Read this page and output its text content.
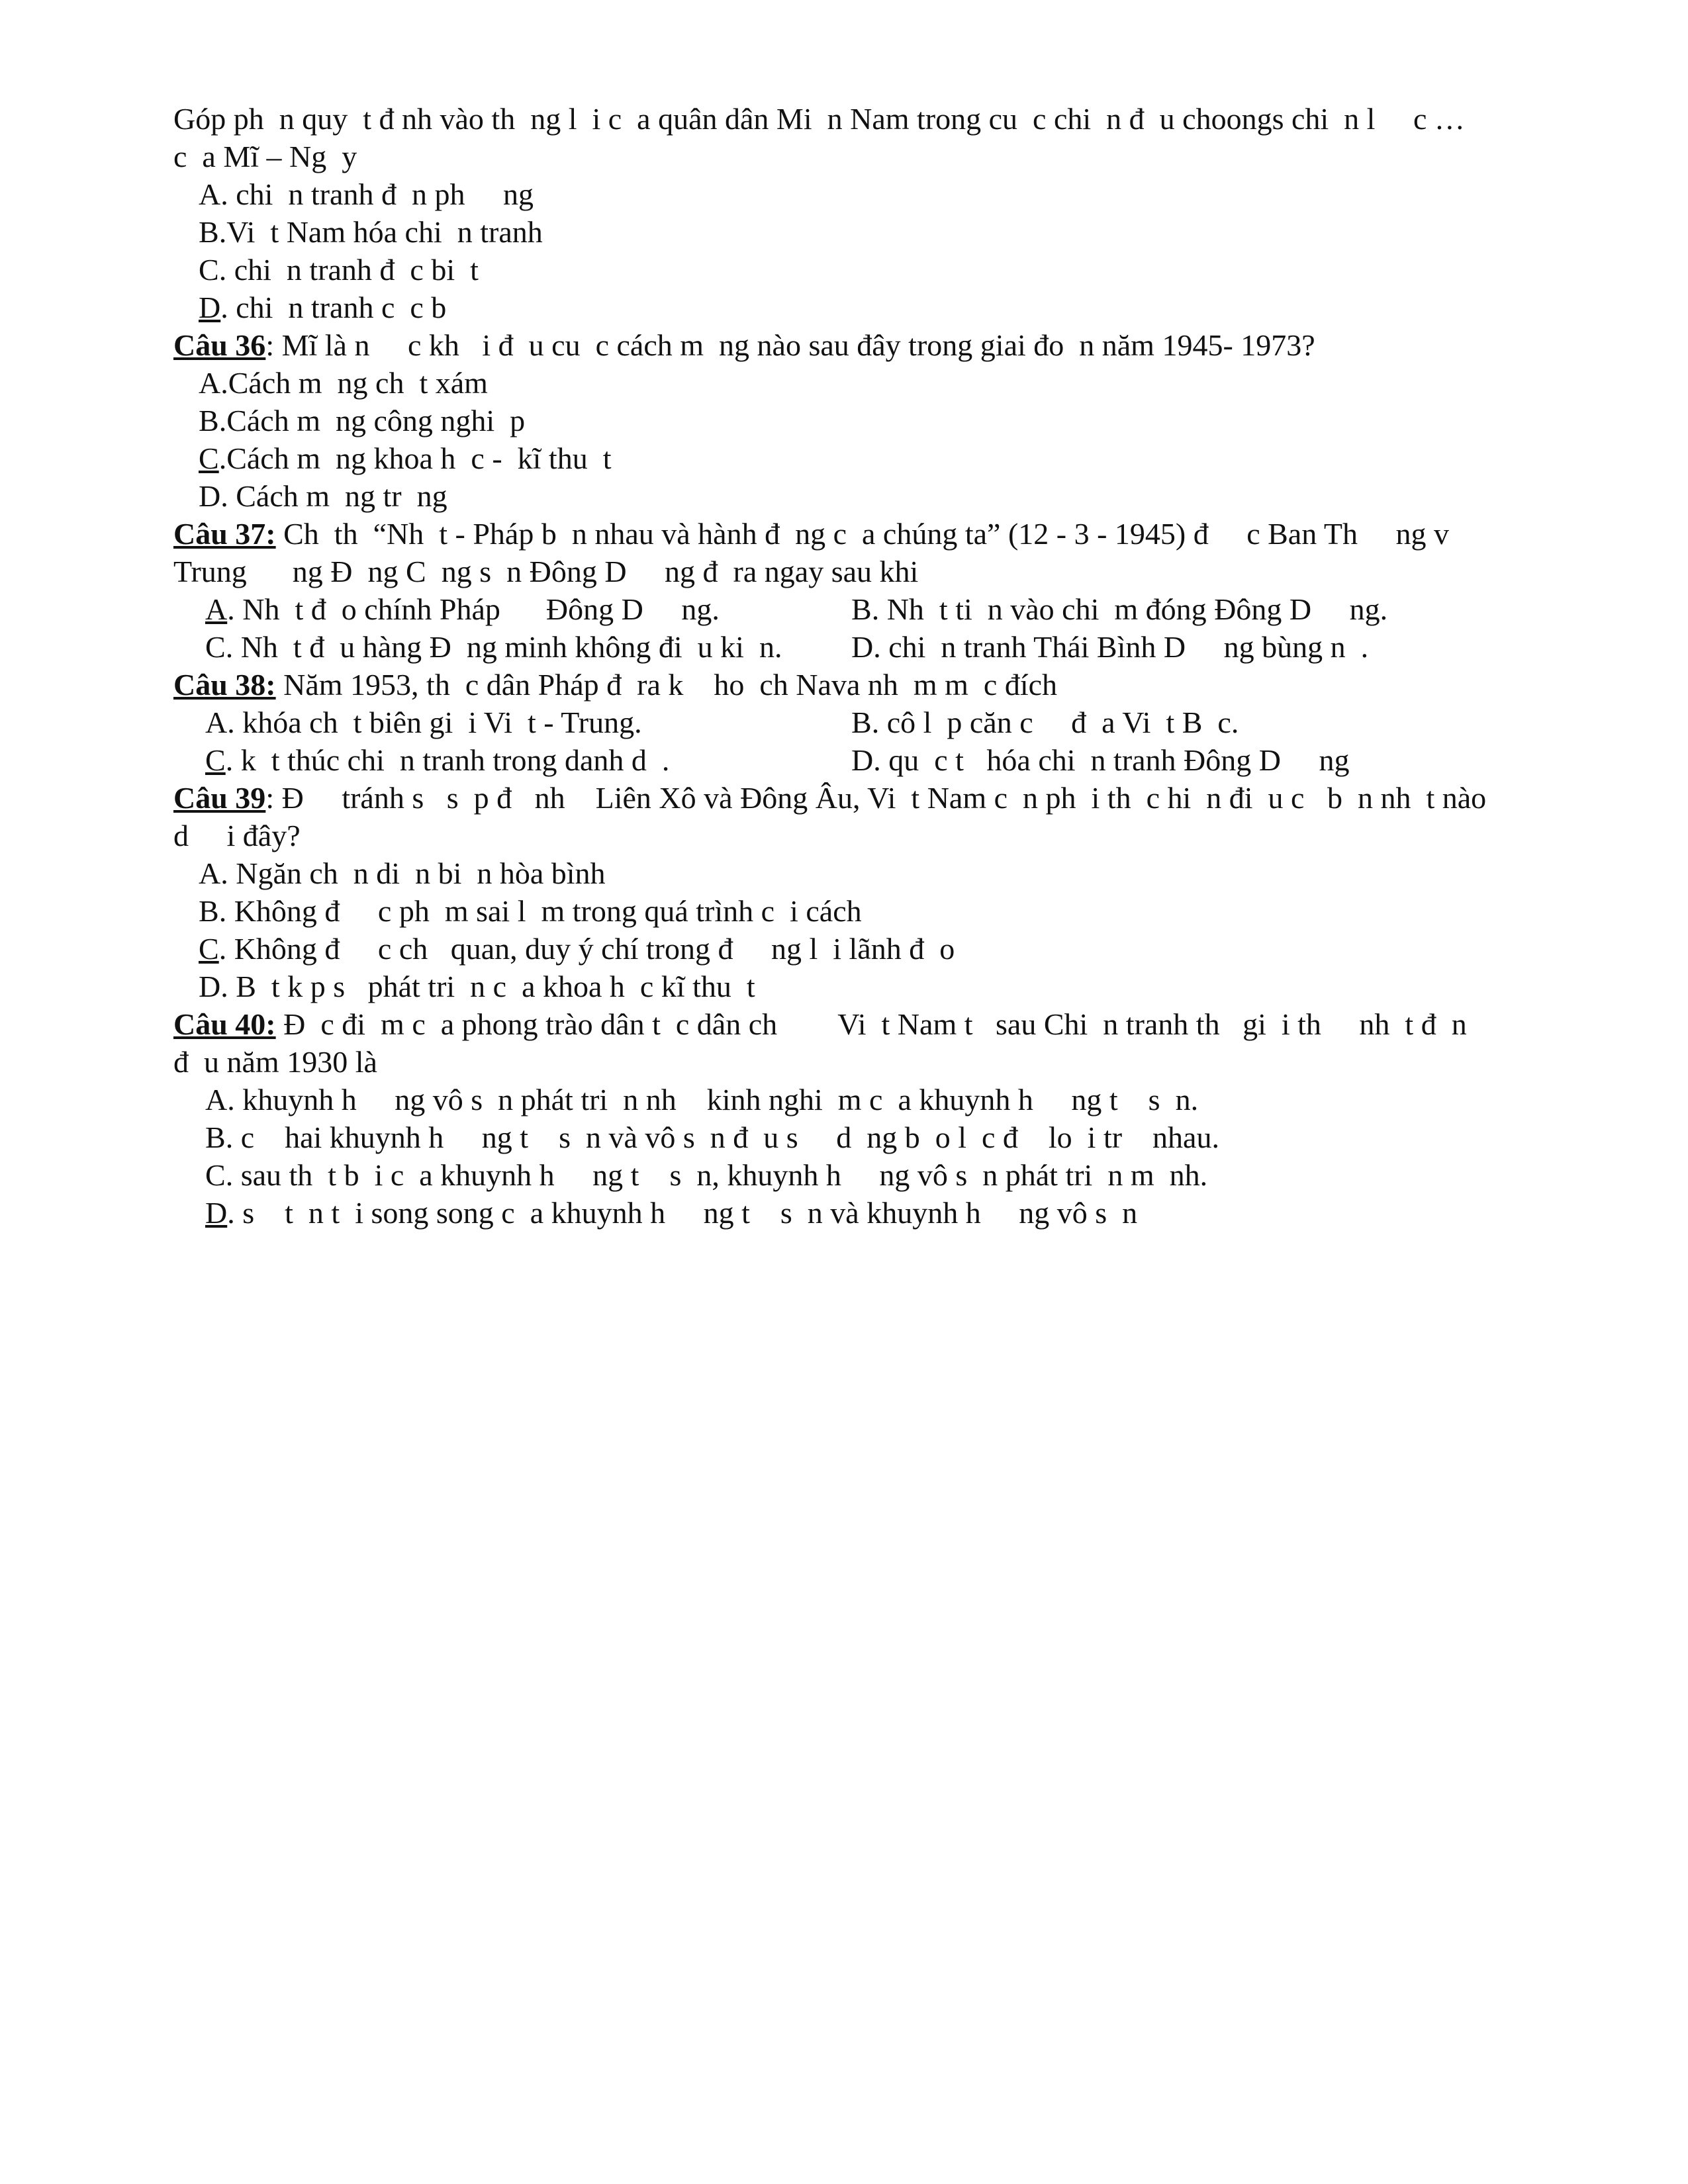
Góp ph  n quy  t đ nh vào th  ng l  i c  a quân dân Mi  n Nam trong cu  c chi  n đ  u choongs chi  n l     c …
c  a Mĩ – Ng  y
A. chi  n tranh đ  n ph     ng
B.Vi  t Nam hóa chi  n tranh
C. chi  n tranh đ  c bi  t
D. chi  n tranh c  c b
Câu 36: Mĩ là n     c kh   i đ  u cu  c cách m  ng nào sau đây trong giai đo  n năm 1945- 1973?
A.Cách m  ng ch  t xám
B.Cách m  ng công nghi  p
C.Cách m  ng khoa h  c -  kĩ thu  t
D. Cách m  ng tr  ng
Câu 37: Ch  th  “Nh  t - Pháp b  n nhau và hành đ  ng c  a chúng ta” (12 - 3 - 1945) đ     c Ban Th     ng v
Trung      ng Đ  ng C  ng s  n Đông D     ng đ  ra ngay sau khi
A. Nh  t đ  o chính Pháp      Đông D     ng.	B. Nh  t ti  n vào chi  m đóng Đông D     ng.
C. Nh  t đ  u hàng Đ  ng minh không đi  u ki  n. D. chi  n tranh Thái Bình D     ng bùng n  .
Câu 38: Năm 1953, th  c dân Pháp đ  ra k    ho  ch Nava nh  m m  c đích
A. khóa ch  t biên gi  i Vi  t - Trung.	B. cô l  p căn c     đ  a Vi  t B  c.
C. k  t thúc chi  n tranh trong danh d  .	D. qu  c t   hóa chi  n tranh Đông D     ng
Câu 39: Đ     tránh s   s  p đ   nh    Liên Xô và Đông Âu, Vi  t Nam c  n ph  i th  c hi  n đi  u c   b  n nh  t nào
d     i đây?
A. Ngăn ch  n di  n bi  n hòa bình
B. Không đ     c ph  m sai l  m trong quá trình c  i cách
C. Không đ     c ch   quan, duy ý chí trong đ     ng l  i lãnh đ  o
D. B  t k p s   phát tri  n c  a khoa h  c kĩ thu  t
Câu 40: Đ  c đi  m c  a phong trào dân t  c dân ch        Vi  t Nam t   sau Chi  n tranh th   gi  i th     nh  t đ  n
đ  u năm 1930 là
A. khuynh h     ng vô s  n phát tri  n nh    kinh nghi  m c  a khuynh h     ng t    s  n.
B. c    hai khuynh h     ng t    s  n và vô s  n đ  u s     d  ng b  o l  c đ    lo  i tr    nhau.
C. sau th  t b  i c  a khuynh h     ng t    s  n, khuynh h     ng vô s  n phát tri  n m  nh.
D. s    t  n t  i song song c  a khuynh h     ng t    s  n và khuynh h     ng vô s  n
